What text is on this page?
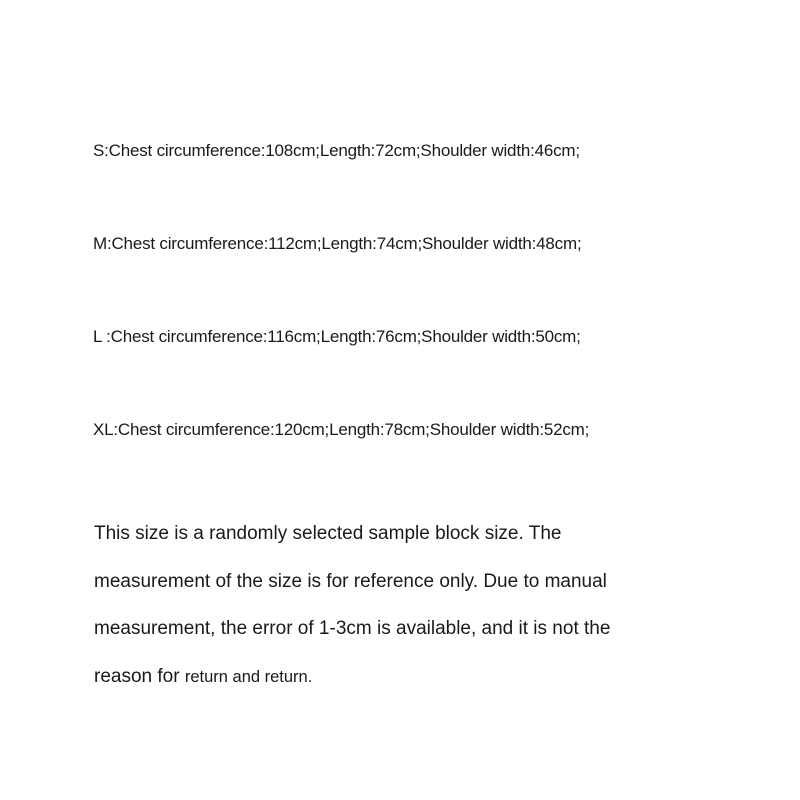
S:Chest circumference:108cm;Length:72cm;Shoulder width:46cm;
M:Chest circumference:112cm;Length:74cm;Shoulder width:48cm;
L :Chest circumference:116cm;Length:76cm;Shoulder width:50cm;
XL:Chest circumference:120cm;Length:78cm;Shoulder width:52cm;
This size is a randomly selected sample block size. The
measurement of the size is for reference only. Due to manual
measurement, the error of 1-3cm is available, and it is not the
reason for return and return.
